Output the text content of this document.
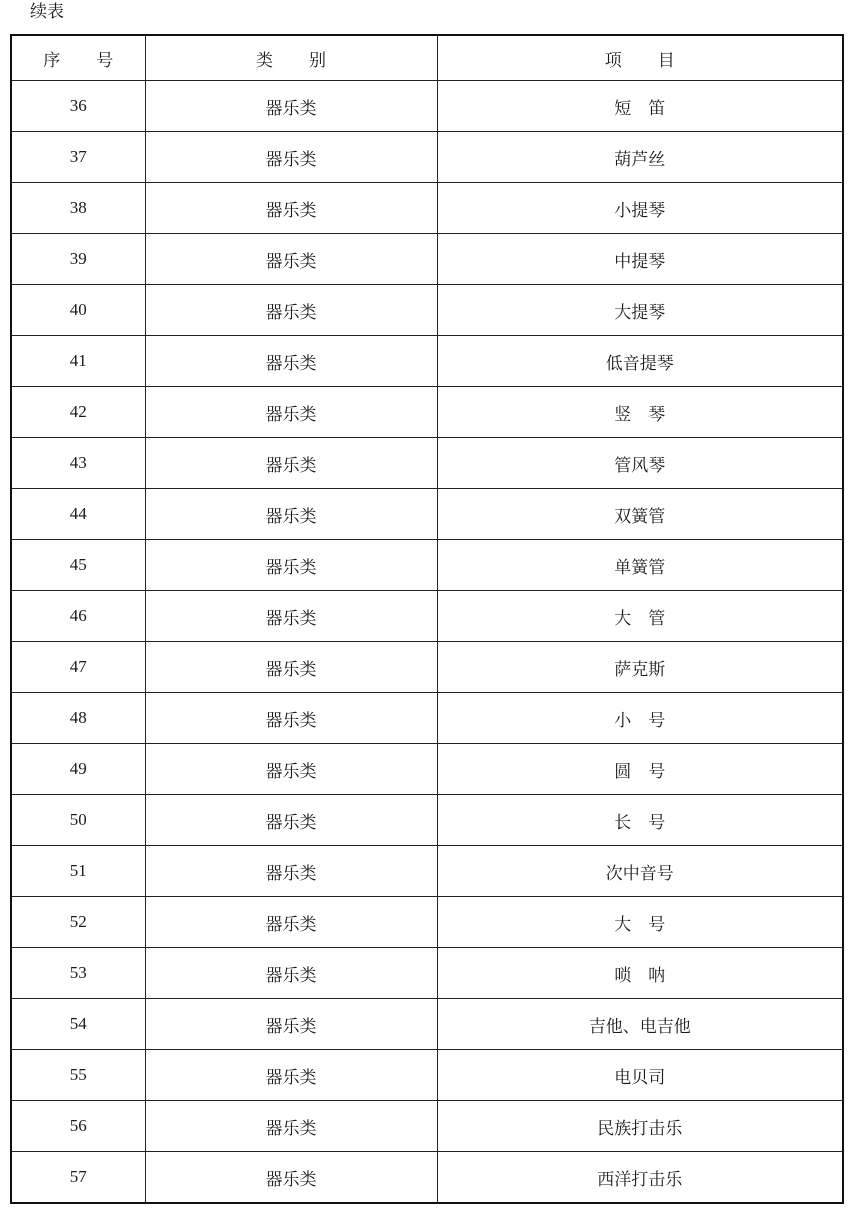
续表
序 号	类 别	项 目
36	器乐类	短　笛
37	器乐类	葫芦丝
38	器乐类	小提琴
39	器乐类	中提琴
40	器乐类	大提琴
41	器乐类	低音提琴
42	器乐类	竖　琴
43	器乐类	管风琴
44	器乐类	双簧管
45	器乐类	单簧管
46	器乐类	大　管
47	器乐类	萨克斯
48	器乐类	小　号
49	器乐类	圆　号
50	器乐类	长　号
51	器乐类	次中音号
52	器乐类	大　号
53	器乐类	唢　呐
54	器乐类	吉他、电吉他
55	器乐类	电贝司
56	器乐类	民族打击乐
57	器乐类	西洋打击乐
